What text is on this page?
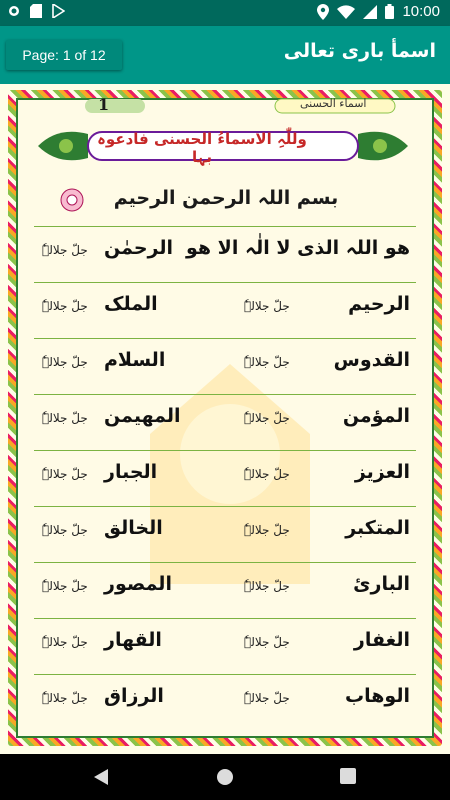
10:00
Page: 1 of 12	اسمأ باری تعالی
1	اسماء الحسنی
وللّٰہِ الاسماءُ الحسنی فادعوہ بہا
بسم اللہ الرحمن الرحیم
ھو اللہ الذی لا الٰہ الا ھو
الرحمٰن
جلّ جلالہٗ
الرحیم
جلّ جلالہٗ
الملک
جلّ جلالہٗ
القدوس
جلّ جلالہٗ
السلام
جلّ جلالہٗ
المؤمن
جلّ جلالہٗ
المھیمن
جلّ جلالہٗ
العزیز
جلّ جلالہٗ
الجبار
جلّ جلالہٗ
المتکبر
جلّ جلالہٗ
الخالق
جلّ جلالہٗ
البارئ
جلّ جلالہٗ
المصور
جلّ جلالہٗ
الغفار
جلّ جلالہٗ
القھار
جلّ جلالہٗ
الوھاب
جلّ جلالہٗ
الرزاق
جلّ جلالہٗ
